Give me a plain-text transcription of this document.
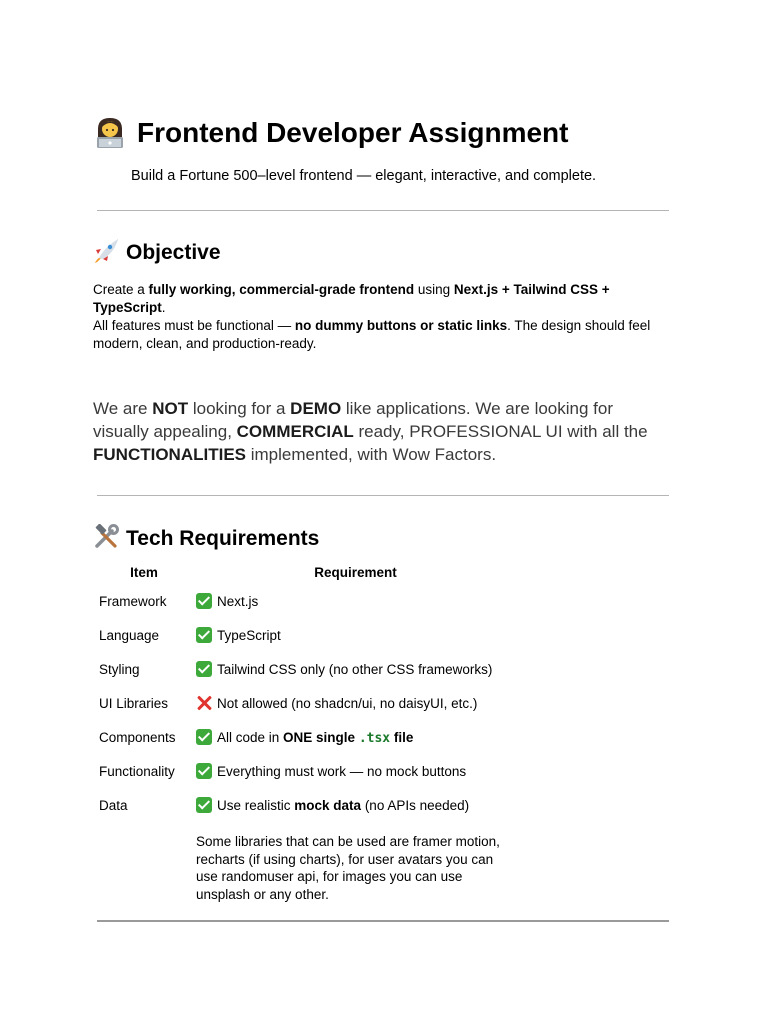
Frontend Developer Assignment

Build a Fortune 500–level frontend — elegant, interactive, and complete.

Objective

Create a fully working, commercial-grade frontend using Next.js + Tailwind CSS + TypeScript.
All features must be functional — no dummy buttons or static links. The design should feel modern, clean, and production-ready.

We are NOT looking for a DEMO like applications. We are looking for visually appealing, COMMERCIAL ready, PROFESSIONAL UI with all the FUNCTIONALITIES implemented, with Wow Factors.

Tech Requirements
Item	Requirement
Framework	Next.js
Language	TypeScript
Styling	Tailwind CSS only (no other CSS frameworks)
UI Libraries	Not allowed (no shadcn/ui, no daisyUI, etc.)
Components	All code in ONE single .tsx file
Functionality	Everything must work — no mock buttons
Data	Use realistic mock data (no APIs needed)

Some libraries that can be used are framer motion, recharts (if using charts), for user avatars you can use randomuser api, for images you can use unsplash or any other.
